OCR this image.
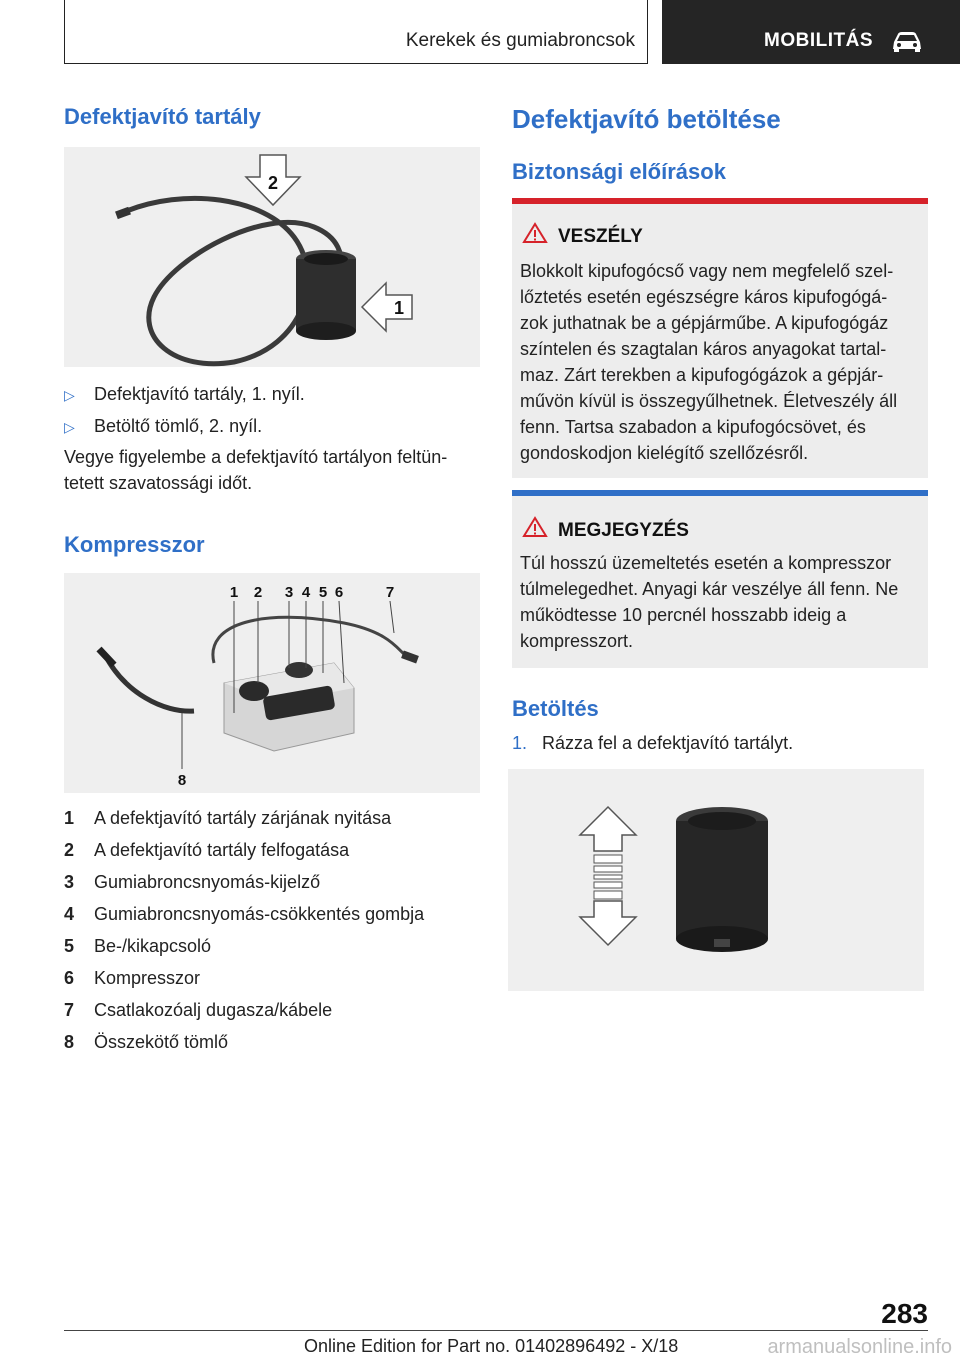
Kerekek és gumiabroncsok	MOBILITÁS
Defektjavító tartály
2
1
▷ Defektjavító tartály, 1. nyíl.
▷ Betöltő tömlő, 2. nyíl.
Vegye figyelembe a defektjavító tartályon feltün-
tetett szavatossági időt.
Kompresszor
1 2 3 4 5 6	7
8
1 A defektjavító tartály zárjának nyitása
2 A defektjavító tartály felfogatása
3 Gumiabroncsnyomás-kijelző
4 Gumiabroncsnyomás-csökkentés gombja
5 Be-/kikapcsoló
6 Kompresszor
7 Csatlakozóalj dugasza/kábele
8 Összekötő tömlő
Defektjavító betöltése
Biztonsági előírások
VESZÉLY
Blokkolt kipufogócső vagy nem megfelelő szel-
lőztetés esetén egészségre káros kipufogógá-
zok juthatnak be a gépjárműbe. A kipufogógáz
színtelen és szagtalan káros anyagokat tartal-
maz. Zárt terekben a kipufogógázok a gépjár-
művön kívül is összegyűlhetnek. Életveszély áll
fenn. Tartsa szabadon a kipufogócsövet, és
gondoskodjon kielégítő szellőzésről.
MEGJEGYZÉS
Túl hosszú üzemeltetés esetén a kompresszor
túlmelegedhet. Anyagi kár veszélye áll fenn. Ne
működtesse 10 percnél hosszabb ideig a
kompresszort.
Betöltés
1. Rázza fel a defektjavító tartályt.
283
Online Edition for Part no. 01402896492 - X/18	armanualsonline.info
